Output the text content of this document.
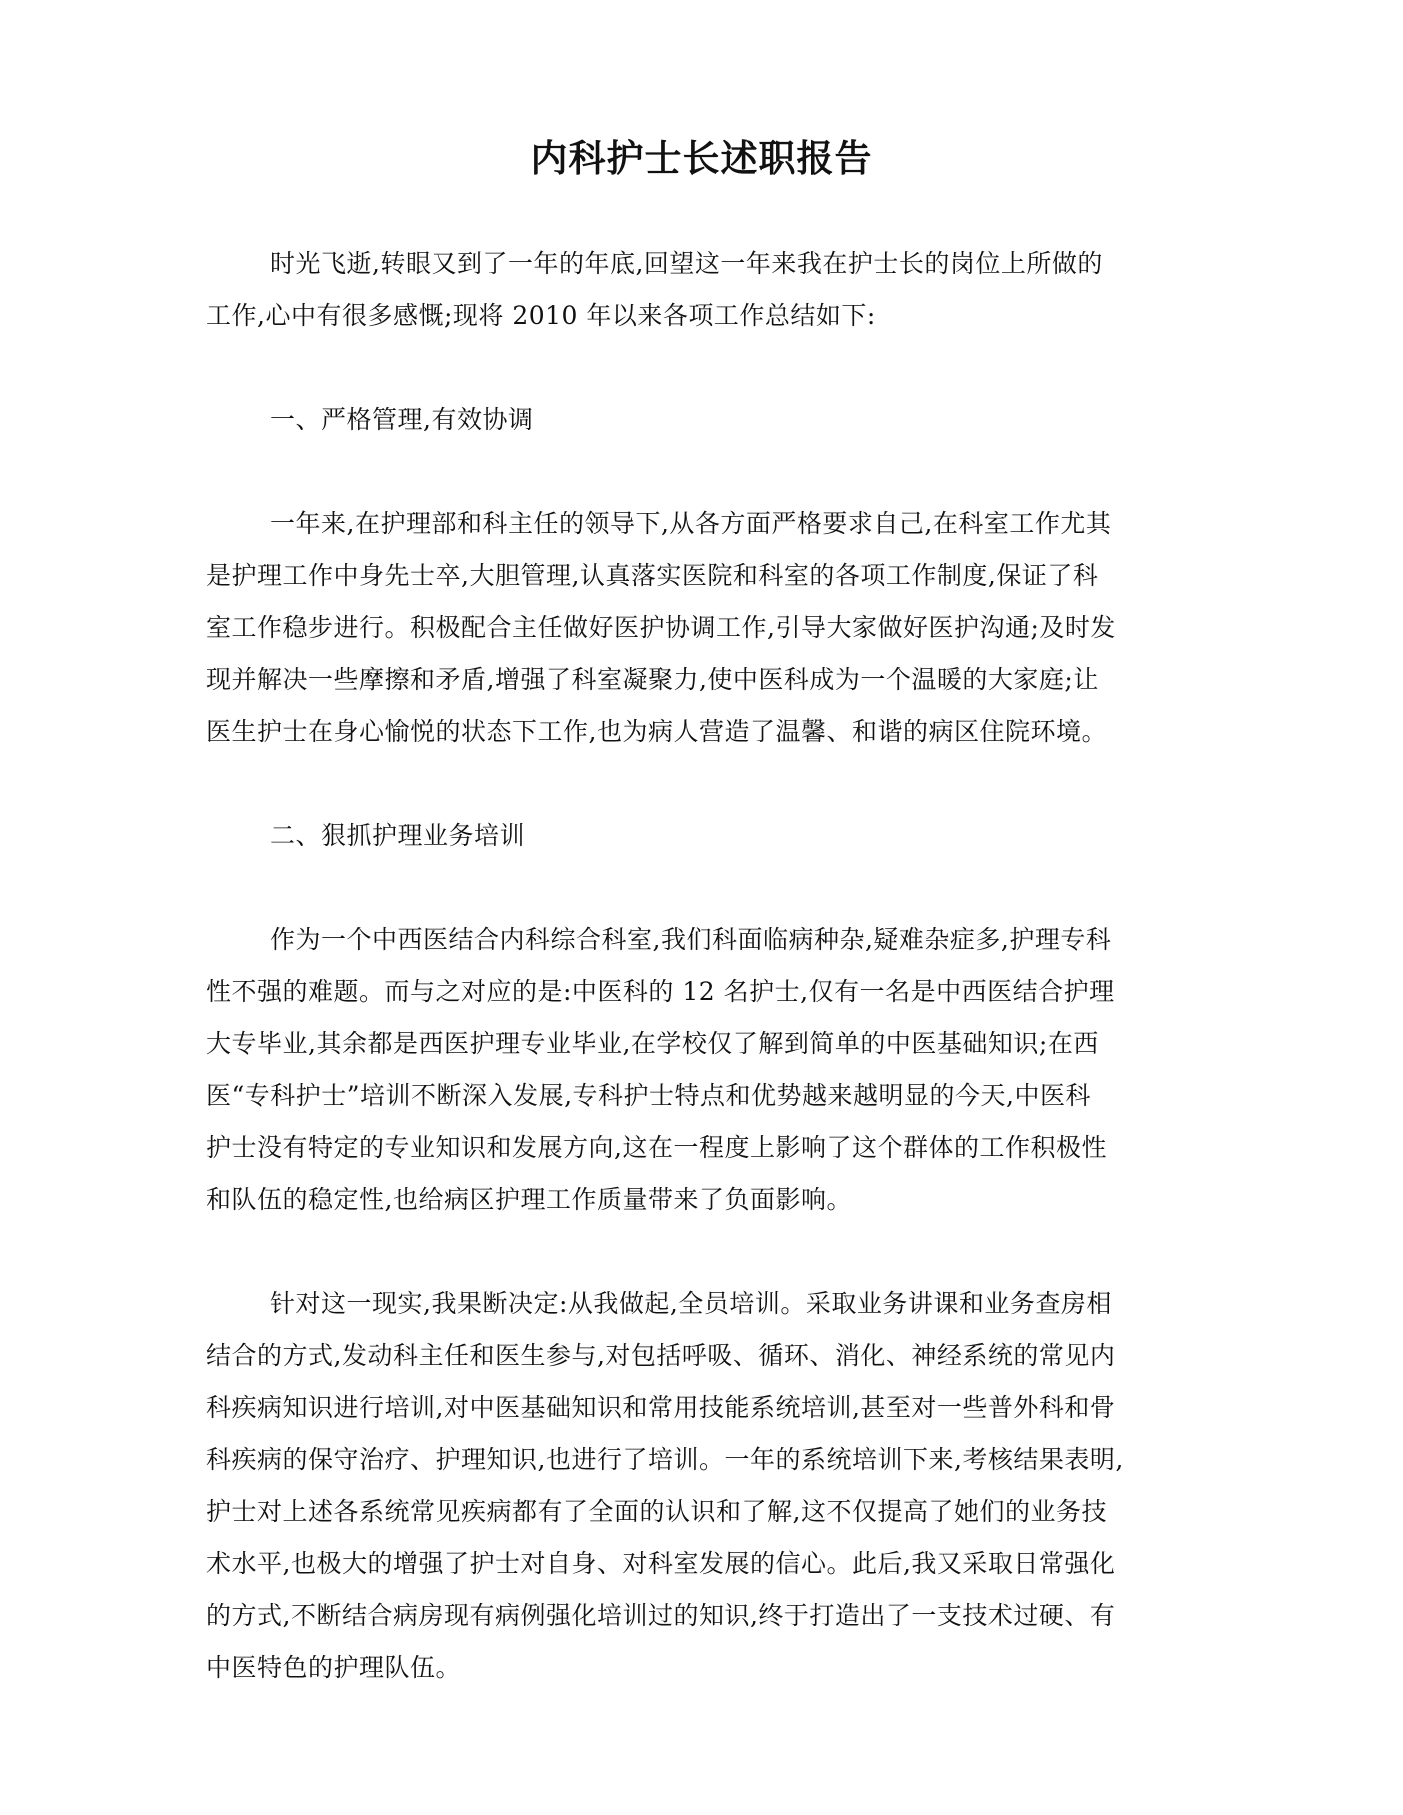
内科护士长述职报告

时光飞逝,转眼又到了一年的年底,回望这一年来我在护士长的岗位上所做的
工作,心中有很多感慨;现将 2010 年以来各项工作总结如下:

一、严格管理,有效协调

一年来,在护理部和科主任的领导下,从各方面严格要求自己,在科室工作尤其
是护理工作中身先士卒,大胆管理,认真落实医院和科室的各项工作制度,保证了科
室工作稳步进行。积极配合主任做好医护协调工作,引导大家做好医护沟通;及时发
现并解决一些摩擦和矛盾,增强了科室凝聚力,使中医科成为一个温暖的大家庭;让
医生护士在身心愉悦的状态下工作,也为病人营造了温馨、和谐的病区住院环境。

二、狠抓护理业务培训

作为一个中西医结合内科综合科室,我们科面临病种杂,疑难杂症多,护理专科
性不强的难题。而与之对应的是:中医科的 12 名护士,仅有一名是中西医结合护理
大专毕业,其余都是西医护理专业毕业,在学校仅了解到简单的中医基础知识;在西
医“专科护士”培训不断深入发展,专科护士特点和优势越来越明显的今天,中医科
护士没有特定的专业知识和发展方向,这在一程度上影响了这个群体的工作积极性
和队伍的稳定性,也给病区护理工作质量带来了负面影响。

针对这一现实,我果断决定:从我做起,全员培训。采取业务讲课和业务查房相
结合的方式,发动科主任和医生参与,对包括呼吸、循环、消化、神经系统的常见内
科疾病知识进行培训,对中医基础知识和常用技能系统培训,甚至对一些普外科和骨
科疾病的保守治疗、护理知识,也进行了培训。一年的系统培训下来,考核结果表明,
护士对上述各系统常见疾病都有了全面的认识和了解,这不仅提高了她们的业务技
术水平,也极大的增强了护士对自身、对科室发展的信心。此后,我又采取日常强化
的方式,不断结合病房现有病例强化培训过的知识,终于打造出了一支技术过硬、有
中医特色的护理队伍。
